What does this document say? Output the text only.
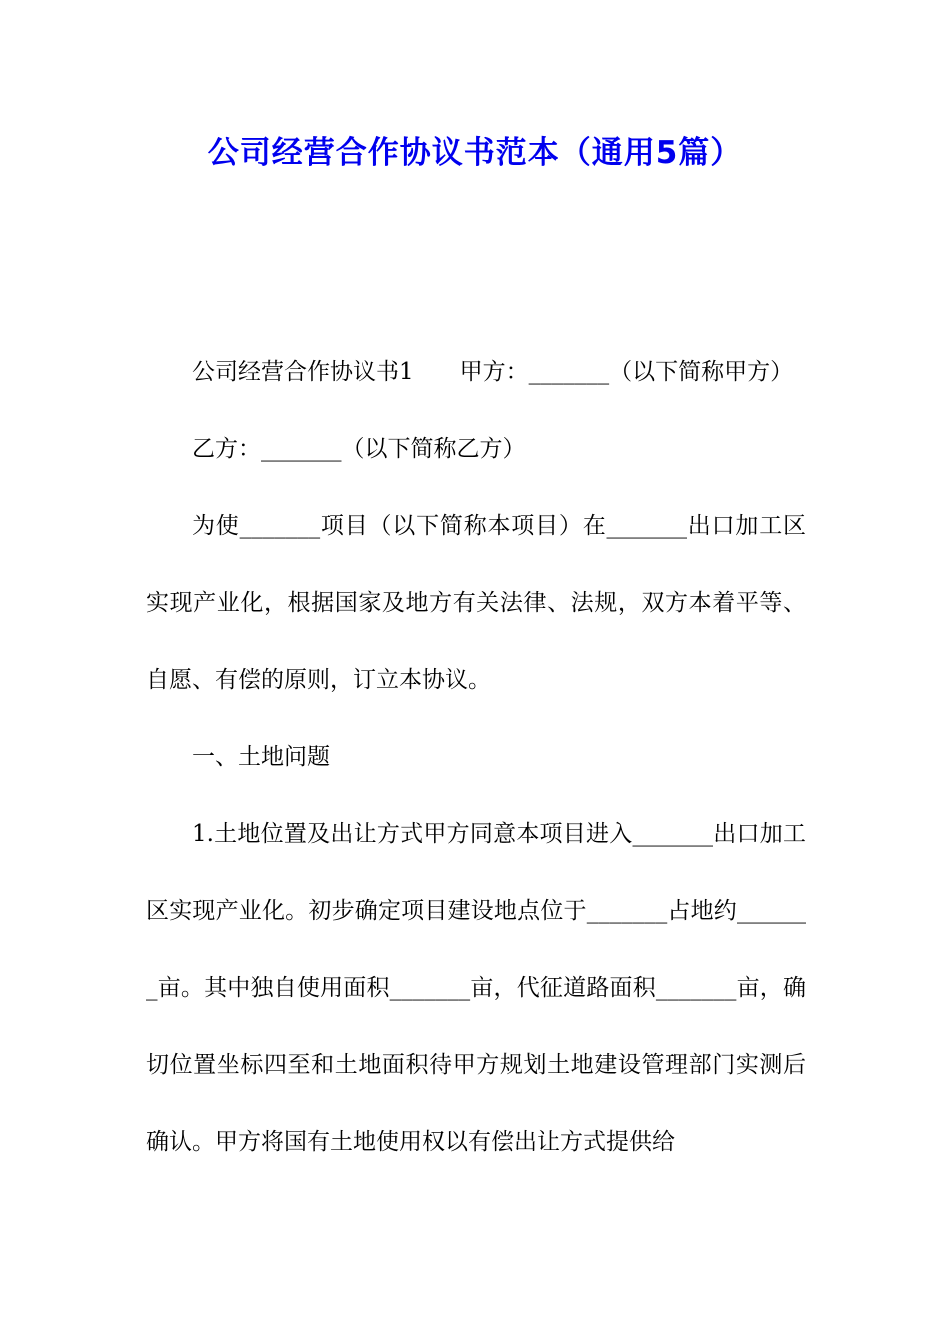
公司经营合作协议书范本（通用5篇）

公司经营合作协议书1　　甲方：_______（以下简称甲方）

乙方：_______（以下简称乙方）

为使_______项目（以下简称本项目）在_______出口加工区实现产业化，根据国家及地方有关法律、法规，双方本着平等、自愿、有偿的原则，订立本协议。

一、土地问题

1.土地位置及出让方式甲方同意本项目进入_______出口加工区实现产业化。初步确定项目建设地点位于_______占地约_______亩。其中独自使用面积_______亩，代征道路面积_______亩，确切位置坐标四至和土地面积待甲方规划土地建设管理部门实测后确认。甲方将国有土地使用权以有偿出让方式提供给
